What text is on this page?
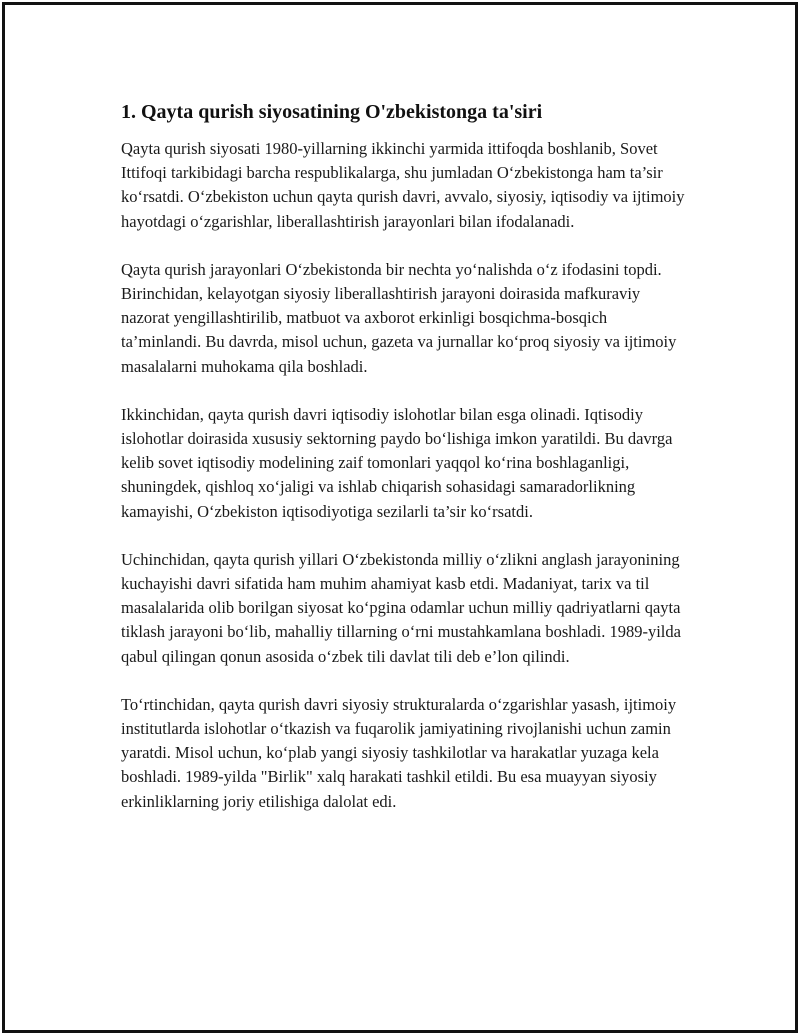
1. Qayta qurish siyosatining O'zbekistonga ta'siri

Qayta qurish siyosati 1980-yillarning ikkinchi yarmida ittifoqda boshlanib, Sovet Ittifoqi tarkibidagi barcha respublikalarga, shu jumladan O‘zbekistonga ham ta’sir ko‘rsatdi. O‘zbekiston uchun qayta qurish davri, avvalo, siyosiy, iqtisodiy va ijtimoiy hayotdagi o‘zgarishlar, liberallashtirish jarayonlari bilan ifodalanadi.

Qayta qurish jarayonlari O‘zbekistonda bir nechta yo‘nalishda o‘z ifodasini topdi. Birinchidan, kelayotgan siyosiy liberallashtirish jarayoni doirasida mafkuraviy nazorat yengillashtirilib, matbuot va axborot erkinligi bosqichma-bosqich ta’minlandi. Bu davrda, misol uchun, gazeta va jurnallar ko‘proq siyosiy va ijtimoiy masalalarni muhokama qila boshladi.

Ikkinchidan, qayta qurish davri iqtisodiy islohotlar bilan esga olinadi. Iqtisodiy islohotlar doirasida xususiy sektorning paydo bo‘lishiga imkon yaratildi. Bu davrga kelib sovet iqtisodiy modelining zaif tomonlari yaqqol ko‘rina boshlaganligi, shuningdek, qishloq xo‘jaligi va ishlab chiqarish sohasidagi samaradorlikning kamayishi, O‘zbekiston iqtisodiyotiga sezilarli ta’sir ko‘rsatdi.

Uchinchidan, qayta qurish yillari O‘zbekistonda milliy o‘zlikni anglash jarayonining kuchayishi davri sifatida ham muhim ahamiyat kasb etdi. Madaniyat, tarix va til masalalarida olib borilgan siyosat ko‘pgina odamlar uchun milliy qadriyatlarni qayta tiklash jarayoni bo‘lib, mahalliy tillarning o‘rni mustahkamlana boshladi. 1989-yilda qabul qilingan qonun asosida o‘zbek tili davlat tili deb e’lon qilindi.

To‘rtinchidan, qayta qurish davri siyosiy strukturalarda o‘zgarishlar yasash, ijtimoiy institutlarda islohotlar o‘tkazish va fuqarolik jamiyatining rivojlanishi uchun zamin yaratdi. Misol uchun, ko‘plab yangi siyosiy tashkilotlar va harakatlar yuzaga kela boshladi. 1989-yilda "Birlik" xalq harakati tashkil etildi. Bu esa muayyan siyosiy erkinliklarning joriy etilishiga dalolat edi.
